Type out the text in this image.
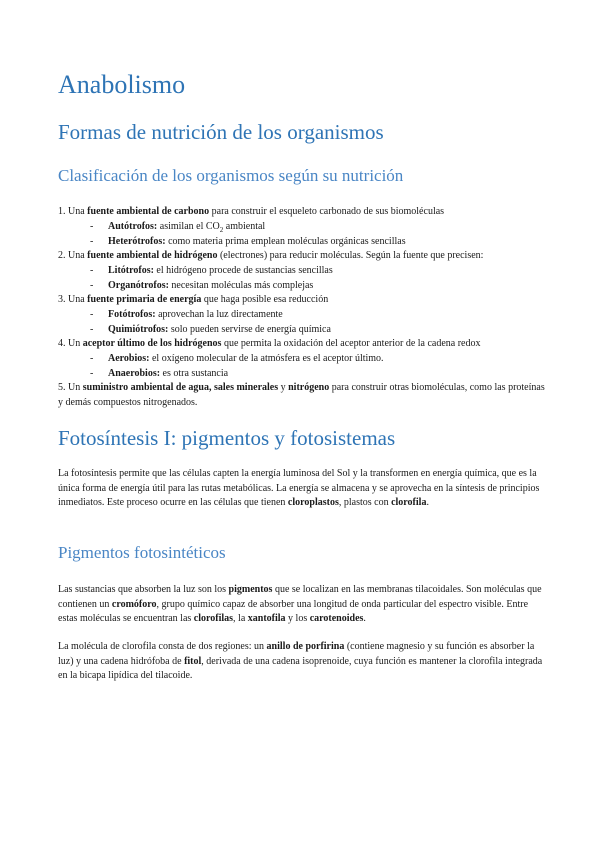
Anabolismo
Formas de nutrición de los organismos
Clasificación de los organismos según su nutrición
1. Una fuente ambiental de carbono para construir el esqueleto carbonado de sus biomoléculas
- Autótrofos: asimilan el $CO_2$ ambiental
- Heterótrofos: como materia prima emplean moléculas orgánicas sencillas
2. Una fuente ambiental de hidrógeno (electrones) para reducir moléculas. Según la fuente que precisen:
- Litótrofos: el hidrógeno procede de sustancias sencillas
- Organótrofos: necesitan moléculas más complejas
3. Una fuente primaria de energía que haga posible esa reducción
- Fotótrofos: aprovechan la luz directamente
- Quimiótrofos: solo pueden servirse de energía química
4. Un aceptor último de los hidrógenos que permita la oxidación del aceptor anterior de la cadena redox
- Aerobios: el oxígeno molecular de la atmósfera es el aceptor último.
- Anaerobios: es otra sustancia
5. Un suministro ambiental de agua, sales minerales y nitrógeno para construir otras biomoléculas, como las proteínas y demás compuestos nitrogenados.
Fotosíntesis I: pigmentos y fotosistemas
La fotosíntesis permite que las células capten la energía luminosa del Sol y la transformen en energía química, que es la única forma de energía útil para las rutas metabólicas. La energía se almacena y se aprovecha en la síntesis de principios inmediatos. Este proceso ocurre en las células que tienen cloroplastos, plastos con clorofila.
Pigmentos fotosintéticos
Las sustancias que absorben la luz son los pigmentos que se localizan en las membranas tilacoidales. Son moléculas que contienen un cromóforo, grupo químico capaz de absorber una longitud de onda particular del espectro visible. Entre estas moléculas se encuentran las clorofilas, la xantofila y los carotenoides.
La molécula de clorofila consta de dos regiones: un anillo de porfirina (contiene magnesio y su función es absorber la luz) y una cadena hidrófoba de fitol, derivada de una cadena isoprenoide, cuya función es mantener la clorofila integrada en la bicapa lipídica del tilacoide.
